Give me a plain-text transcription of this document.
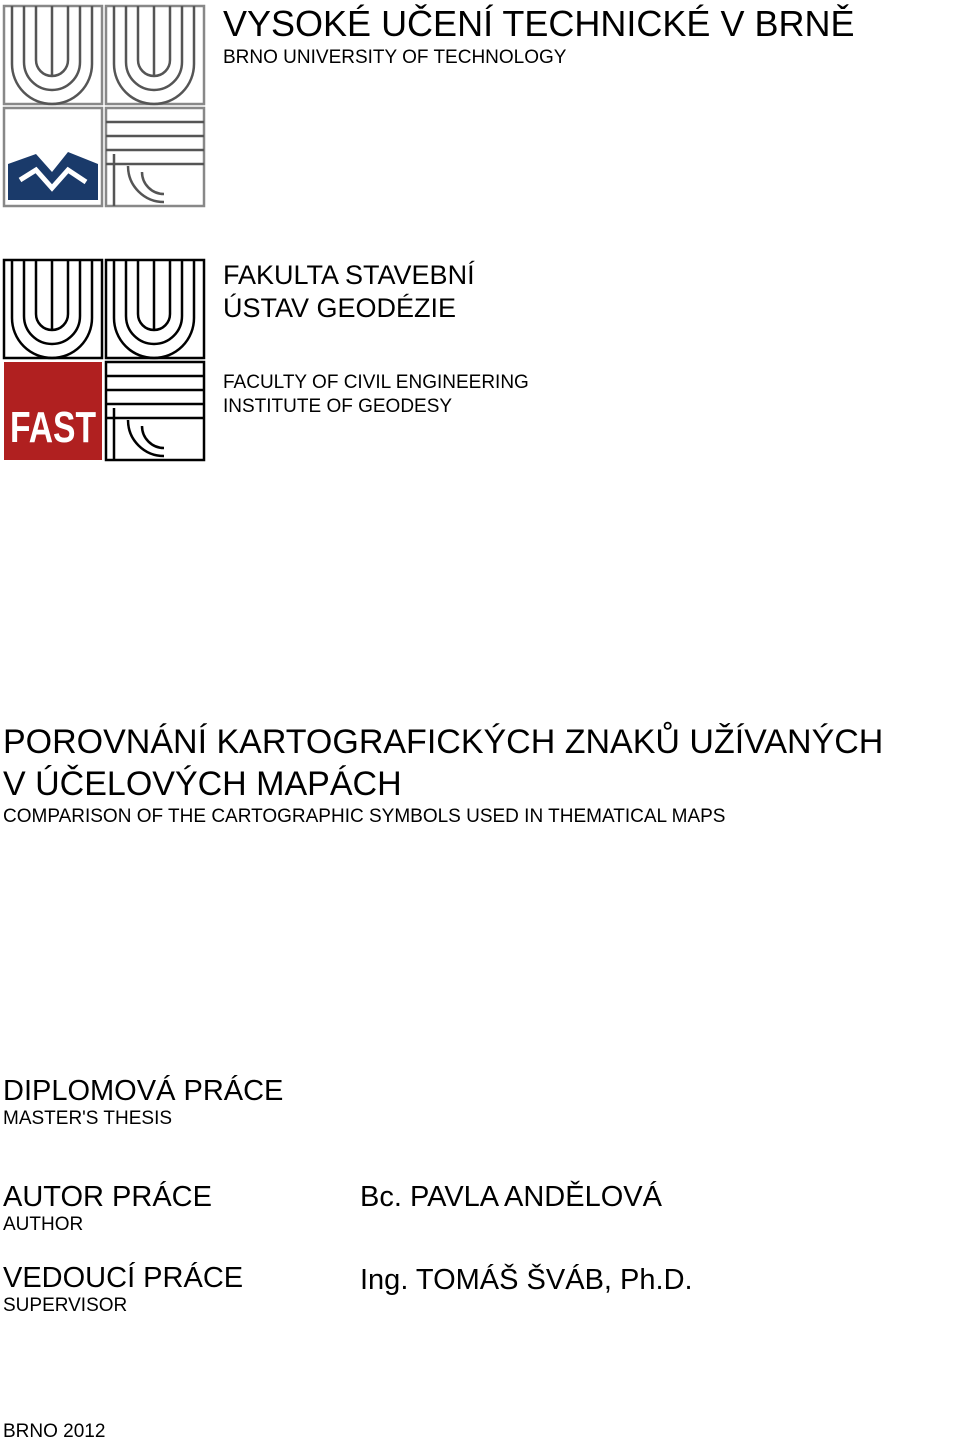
FAST
VYSOKÉ UČENÍ TECHNICKÉ V BRNĚ
BRNO UNIVERSITY OF TECHNOLOGY
FAKULTA STAVEBNÍ
ÚSTAV GEODÉZIE
FACULTY OF CIVIL ENGINEERING
INSTITUTE OF GEODESY
POROVNÁNÍ KARTOGRAFICKÝCH ZNAKŮ UŽÍVANÝCH
V ÚČELOVÝCH MAPÁCH
COMPARISON OF THE CARTOGRAPHIC SYMBOLS USED IN THEMATICAL MAPS
DIPLOMOVÁ PRÁCE
MASTER'S THESIS
AUTOR PRÁCE
AUTHOR
Bc. PAVLA ANDĚLOVÁ
VEDOUCÍ PRÁCE
SUPERVISOR
Ing. TOMÁŠ ŠVÁB, Ph.D.
BRNO 2012
